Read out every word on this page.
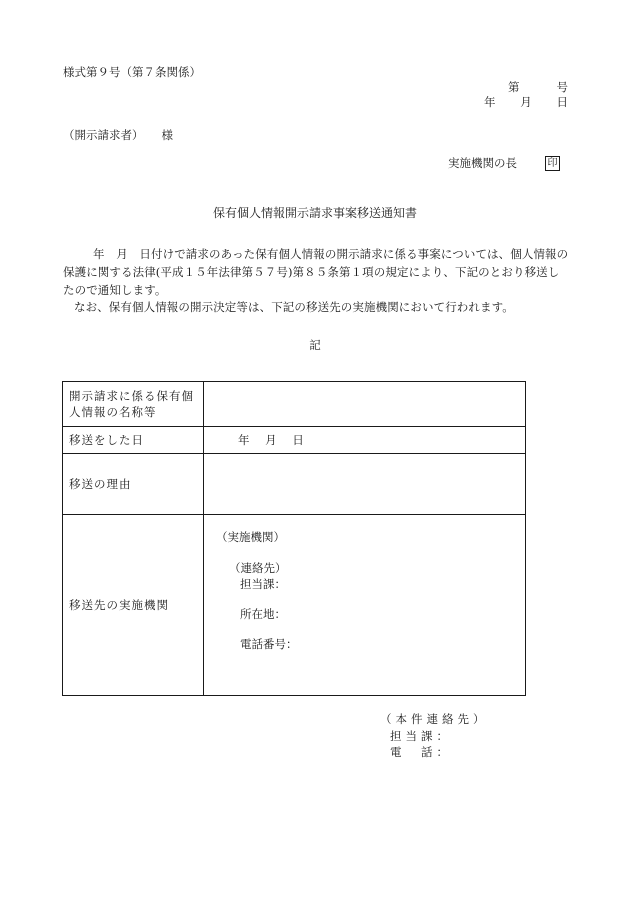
様式第９号（第７条関係）
第	号
年 月 日
（開示請求者） 様
実施機関の長	印
保有個人情報開示請求事案移送通知書

年　月　日付けで請求のあった保有個人情報の開示請求に係る事案については、個人情報の保護に関する法律(平成１５年法律第５７号)第８５条第１項の規定により、下記のとおり移送したので通知します。

なお、保有個人情報の開示決定等は、下記の移送先の実施機関において行われます。

記
開示請求に係る保有個人情報の名称等	
移送をした日	年 月 日
移送の理由	
移送先の実施機関	（実施機関）
（連絡先）
担当課：
所在地：
電話番号：
（本件連絡先）
担当課：
電　話：
